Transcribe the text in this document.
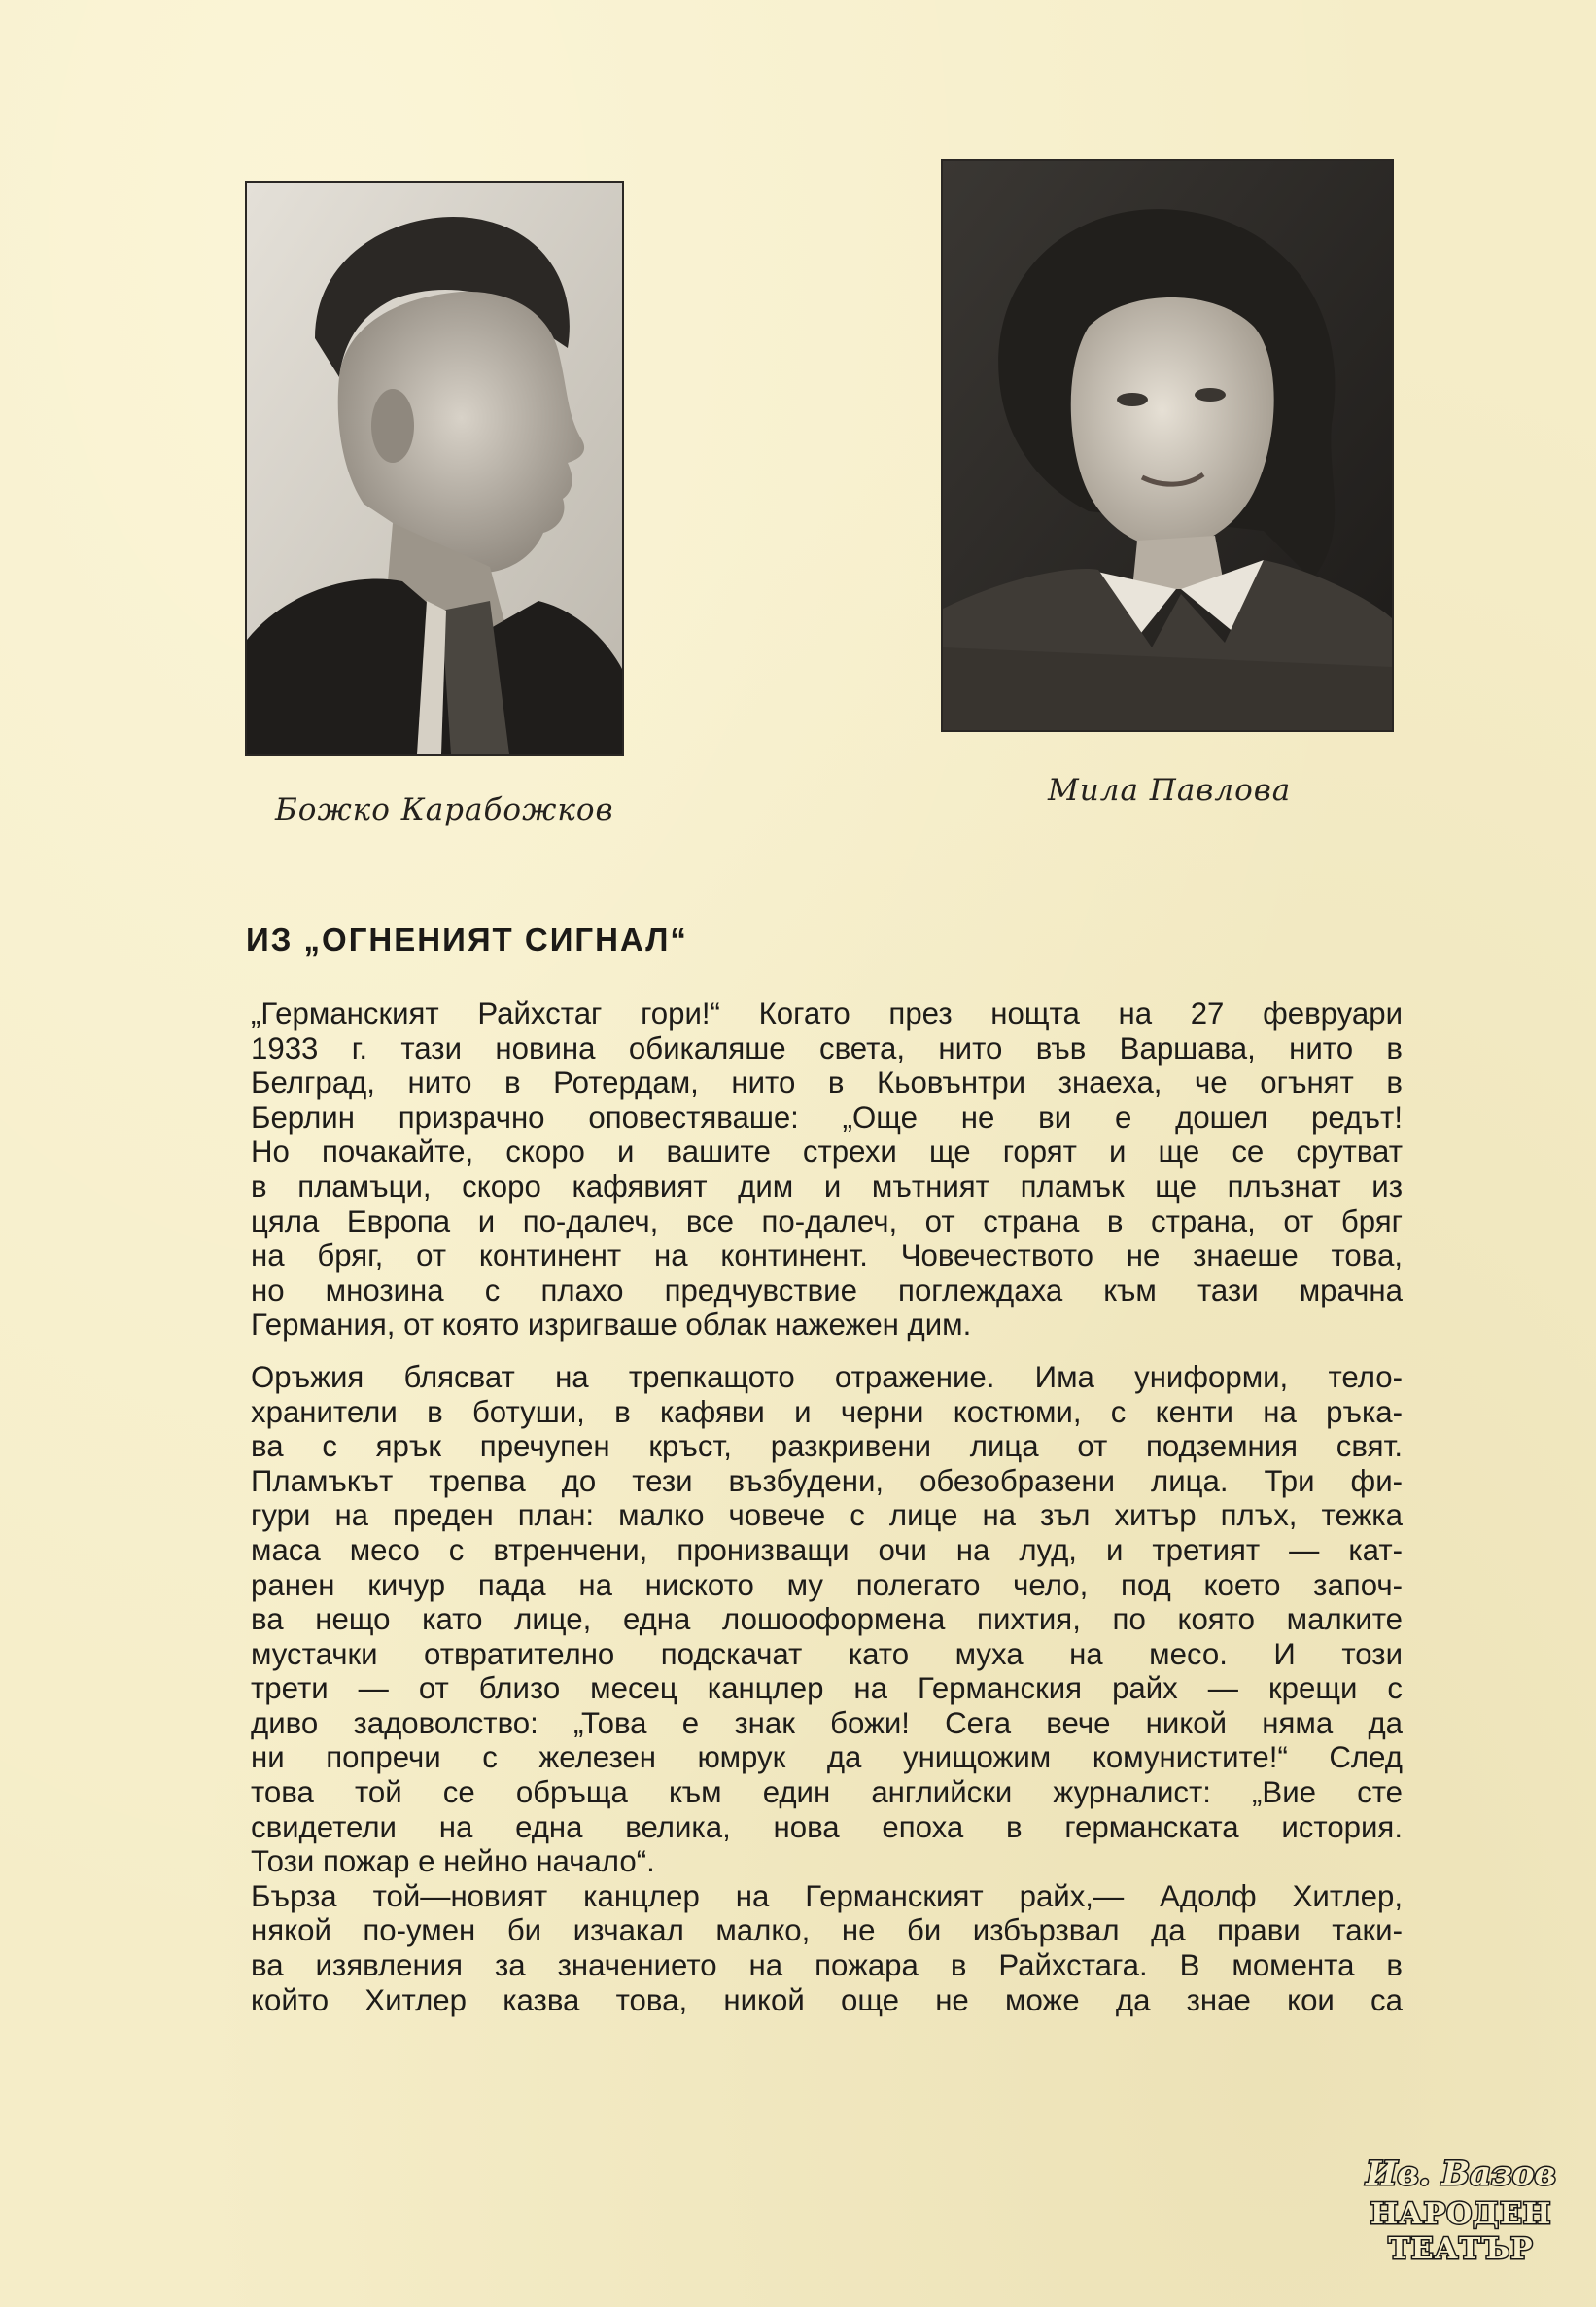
Божко Карабожков
Мила Павлова
ИЗ „ОГНЕНИЯТ СИГНАЛ“

„Германският Райхстаг гори!“ Когато през нощта на 27 февруари

1933 г. тази новина обикаляше света, нито във Варшава, нито в

Белград, нито в Ротердам, нито в Кьовънтри знаеха, че огънят в

Берлин призрачно оповестяваше: „Още не ви е дошел редът!

Но почакайте, скоро и вашите стрехи ще горят и ще се срутват

в пламъци, скоро кафявият дим и мътният пламък ще плъзнат из

цяла Европа и по-далеч, все по-далеч, от страна в страна, от бряг

на бряг, от континент на континент. Човечеството не знаеше това,

но мнозина с плахо предчувствие поглеждаха към тази мрачна

Германия, от която изригваше облак нажежен дим.

Оръжия блясват на трепкащото отражение. Има униформи, тело-

хранители в ботуши, в кафяви и черни костюми, с кенти на ръка-

ва с ярък пречупен кръст, разкривени лица от подземния свят.

Пламъкът трепва до тези възбудени, обезобразени лица. Три фи-

гури на преден план: малко човече с лице на зъл хитър плъх, тежка

маса месо с втренчени, пронизващи очи на луд, и третият — кат-

ранен кичур пада на ниското му полегато чело, под което започ-

ва нещо като лице, една лошооформена пихтия, по която малките

мустачки отвратително подскачат като муха на месо. И този

трети — от близо месец канцлер на Германския райх — крещи с

диво задоволство: „Това е знак божи! Сега вече никой няма да

ни попречи с железен юмрук да унищожим комунистите!“ След

това той се обръща към един английски журналист: „Вие сте

свидетели на една велика, нова епоха в германската история.

Този пожар е нейно начало“.

Бърза той—новият канцлер на Германският райх,— Адолф Хитлер,

някой по-умен би изчакал малко, не би избързвал да прави таки-

ва изявления за значението на пожара в Райхстага. В момента в

който Хитлер казва това, никой още не може да знае кои са

Ив. Вазов
НАРОДЕН
ТЕАТЪР
